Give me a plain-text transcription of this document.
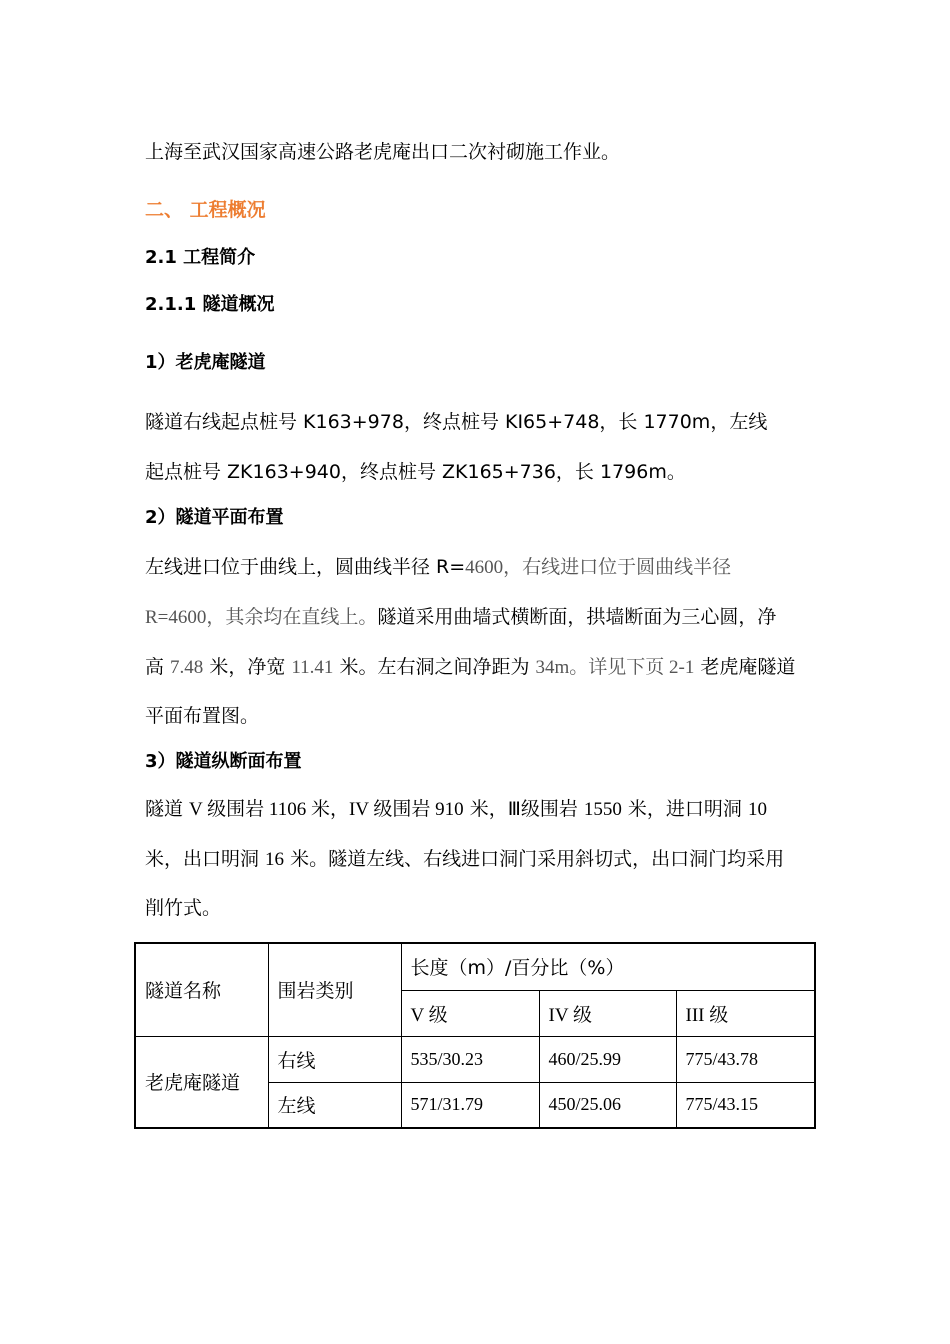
上海至武汉国家高速公路老虎庵出口二次衬砌施工作业。
二、 工程概况
2.1 工程简介
2.1.1 隧道概况
1）老虎庵隧道
隧道右线起点桩号 K163+978，终点桩号 KI65+748，长 1770m，左线
起点桩号 ZK163+940，终点桩号 ZK165+736，长 1796m。
2）隧道平面布置
左线进口位于曲线上，圆曲线半径 R=4600，右线进口位于圆曲线半径
R=4600，其余均在直线上。隧道采用曲墙式横断面，拱墙断面为三心圆，净
高 7.48 米，净宽 11.41 米。左右洞之间净距为 34m。详见下页 2-1 老虎庵隧道
平面布置图。
3）隧道纵断面布置
隧道 V 级围岩 1106 米，IV 级围岩 910 米，Ⅲ级围岩 1550 米，进口明洞 10
米，出口明洞 16 米。隧道左线、右线进口洞门采用斜切式，出口洞门均采用
削竹式。
隧道名称	围岩类别	长度（m）/百分比（%）		
		V 级	IV 级	III 级
老虎庵隧道	右线	535/30.23	460/25.99	775/43.78
	左线	571/31.79	450/25.06	775/43.15
